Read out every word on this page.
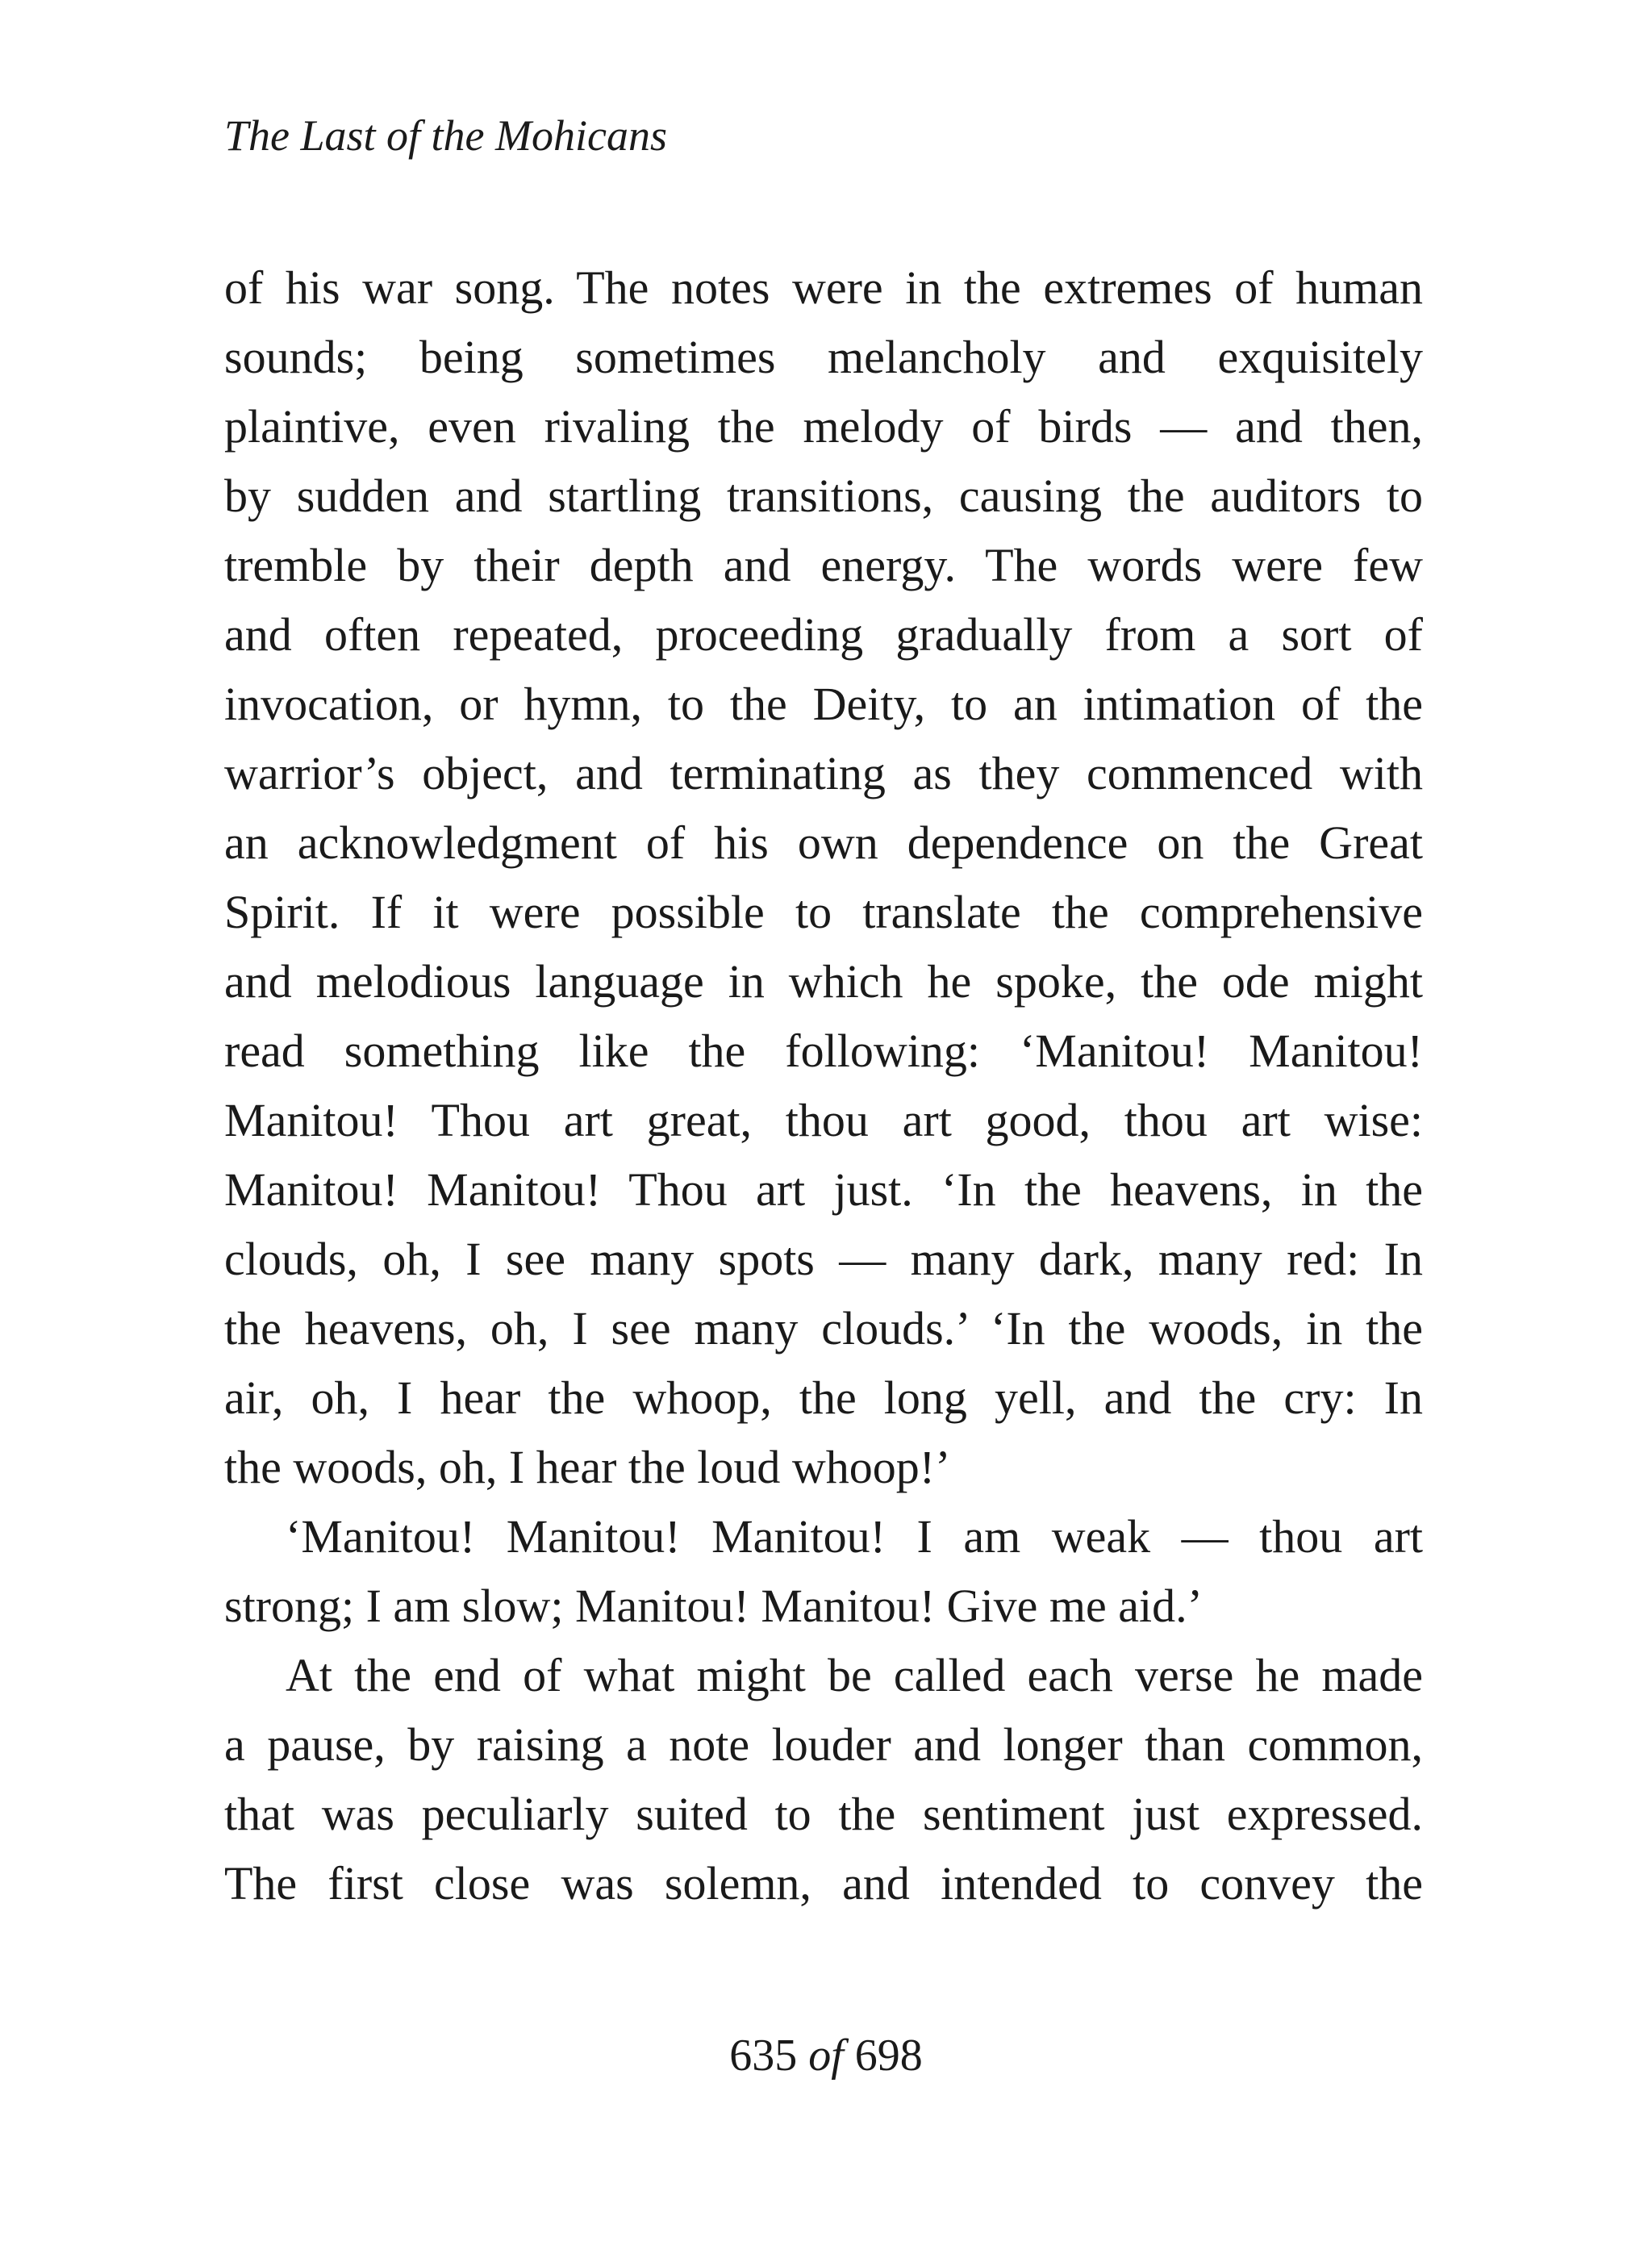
The Last of the Mohicans
of his war song. The notes were in the extremes of human
sounds; being sometimes melancholy and exquisitely
plaintive, even rivaling the melody of birds — and then,
by sudden and startling transitions, causing the auditors to
tremble by their depth and energy. The words were few
and often repeated, proceeding gradually from a sort of
invocation, or hymn, to the Deity, to an intimation of the
warrior’s object, and terminating as they commenced with
an acknowledgment of his own dependence on the Great
Spirit. If it were possible to translate the comprehensive
and melodious language in which he spoke, the ode might
read something like the following: ‘Manitou! Manitou!
Manitou! Thou art great, thou art good, thou art wise:
Manitou! Manitou! Thou art just. ‘In the heavens, in the
clouds, oh, I see many spots — many dark, many red: In
the heavens, oh, I see many clouds.’ ‘In the woods, in the
air, oh, I hear the whoop, the long yell, and the cry: In
the woods, oh, I hear the loud whoop!’
‘Manitou! Manitou! Manitou! I am weak — thou art
strong; I am slow; Manitou! Manitou! Give me aid.’
At the end of what might be called each verse he made
a pause, by raising a note louder and longer than common,
that was peculiarly suited to the sentiment just expressed.
The first close was solemn, and intended to convey the
635 of 698
